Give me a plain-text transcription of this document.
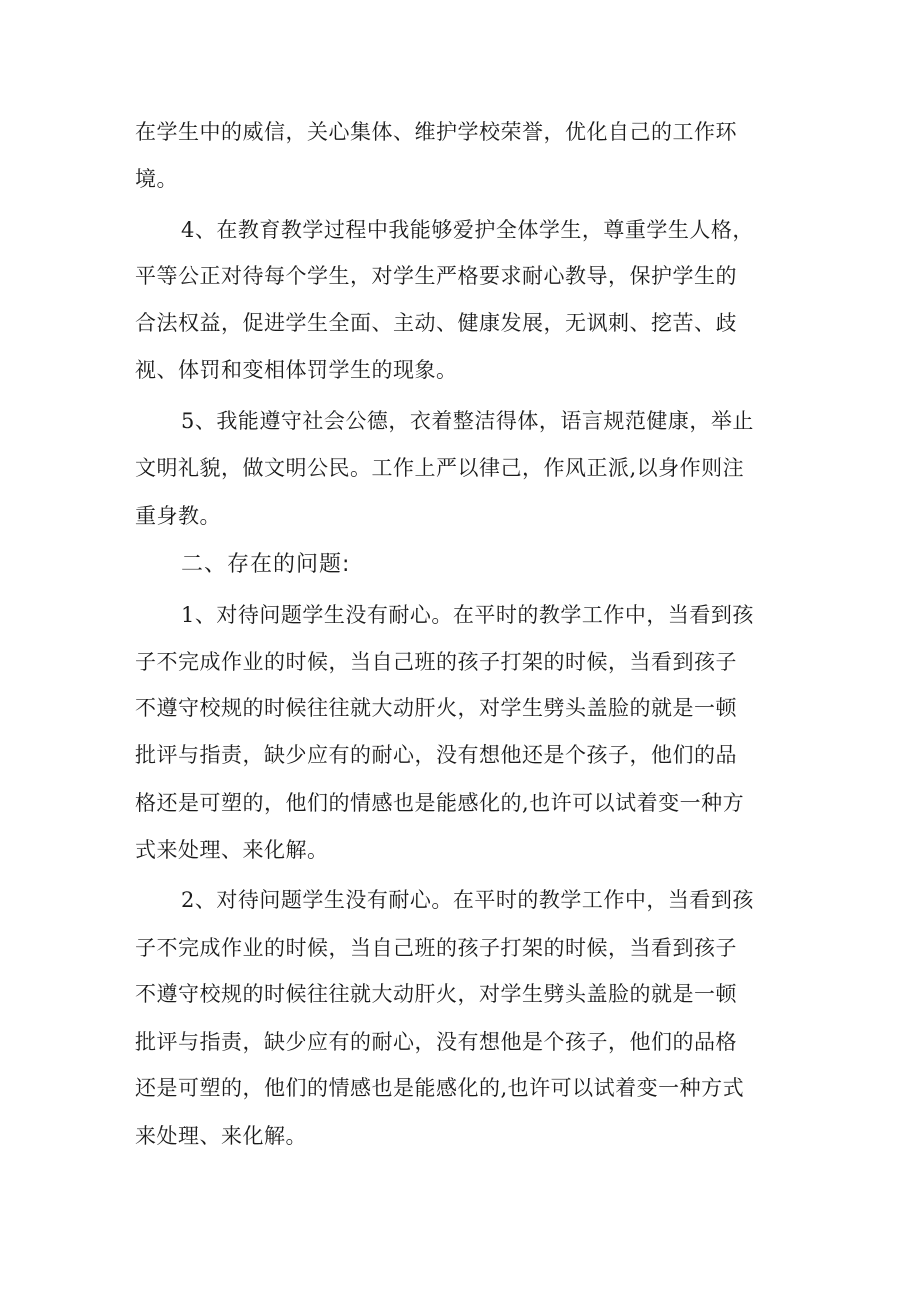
在学生中的威信，关心集体、维护学校荣誉，优化自己的工作环
境。
4、在教育教学过程中我能够爱护全体学生，尊重学生人格，
平等公正对待每个学生，对学生严格要求耐心教导，保护学生的
合法权益，促进学生全面、主动、健康发展，无讽刺、挖苦、歧
视、体罚和变相体罚学生的现象。
5、我能遵守社会公德，衣着整洁得体，语言规范健康，举止
文明礼貌，做文明公民。工作上严以律己，作风正派,以身作则注
重身教。
二、存在的问题:
1、对待问题学生没有耐心。在平时的教学工作中，当看到孩
子不完成作业的时候，当自己班的孩子打架的时候，当看到孩子
不遵守校规的时候往往就大动肝火，对学生劈头盖脸的就是一顿
批评与指责，缺少应有的耐心，没有想他还是个孩子，他们的品
格还是可塑的，他们的情感也是能感化的,也许可以试着变一种方
式来处理、来化解。
2、对待问题学生没有耐心。在平时的教学工作中，当看到孩
子不完成作业的时候，当自己班的孩子打架的时候，当看到孩子
不遵守校规的时候往往就大动肝火，对学生劈头盖脸的就是一顿
批评与指责，缺少应有的耐心，没有想他是个孩子，他们的品格
还是可塑的，他们的情感也是能感化的,也许可以试着变一种方式
来处理、来化解。
